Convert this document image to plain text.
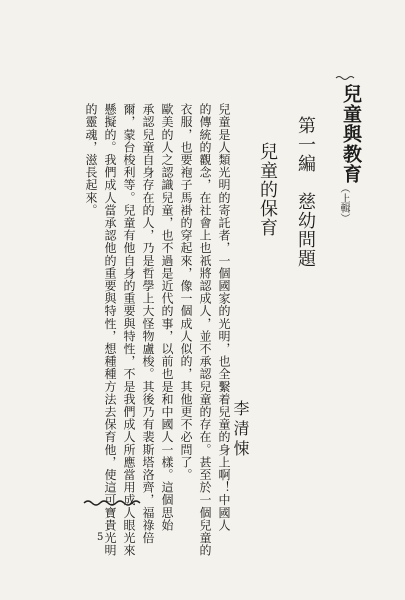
兒童與教育
（上輯）
第一編　慈幼問題
兒童的保育
李清悚
兒童是人類光明的寄託者，一個國家的光明，也全繫着兒童的身上啊！中國人
的傳統的觀念，在社會上也祇將認成人，並不承認兒童的存在。甚至於一個兒童的
衣服，也要袍子馬褂的穿起來，像一個成人似的，其他更不必問了。
歐美的人之認識兒童，也不過是近代的事，以前也是和中國人一樣。這個思始
承認兒童自身存在的人，乃是哲學上大怪物盧梭。其後乃有裴斯塔洛齊，福祿倍
爾，蒙台梭利等。兒童有他自身的重要與特性，不是我們成人所應當用成人眼光來
懸擬的。我們成人當承認他的重要與特性，想種種方法去保育他，使這可寶貴光明
的靈魂，滋長起來。
5
